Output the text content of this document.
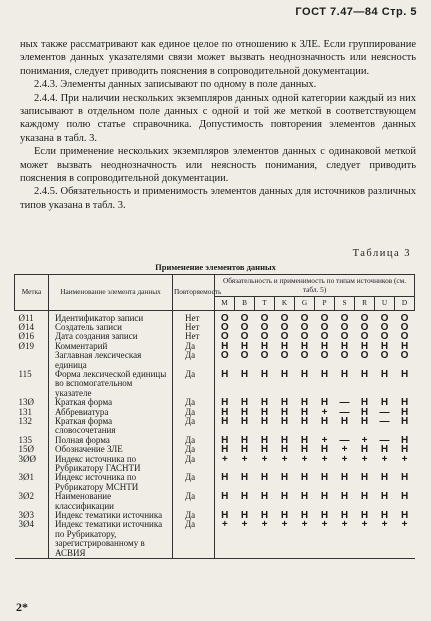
ГОСТ 7.47—84 Стр. 5

ных также рассматривают как единое целое по отношению к ЗЛЕ. Если группирование элементов данных указателями связи может вызвать неоднозначность или неясность понимания, следует приводить пояснения в сопроводительной документации.

2.4.3. Элементы данных записывают по одному в поле данных.

2.4.4. При наличии нескольких экземпляров данных одной категории каждый из них записывают в отдельном поле данных с одной и той же меткой в соответствующем каждому полю статье справочника. Допустимость повторения элементов данных указана в табл. 3.

Если применение нескольких экземпляров элементов данных с одинаковой меткой может вызвать неоднозначность или неясность понимания, следует приводить пояснения в сопроводительной документации.

2.4.5. Обязательность и применимость элементов данных для источников различных типов указана в табл. 3.

Таблица 3
Применение элементов данных
Метка	Наименование элемента данных	Повторяемость	Обязательность и применимость по типам источников (см. табл. 5)									
			M	B	T	K	G	P	S	R	U	D
Ø11	Идентификатор записи	Нет	О	О	О	О	О	О	О	О	О	О
Ø14	Создатель записи	Нет	О	О	О	О	О	О	О	О	О	О
Ø16	Дата создания записи	Нет	О	О	О	О	О	О	О	О	О	О
Ø19	Комментарий	Да	Н	Н	Н	Н	Н	Н	Н	Н	Н	Н
	Заглавная лексическая единица	Да	О	О	О	О	О	О	О	О	О	О
115	Форма лексической единицы во вспомогательном указателе	Да	Н	Н	Н	Н	Н	Н	Н	Н	Н	Н
13Ø	Краткая форма	Да	Н	Н	Н	Н	Н	Н	—	Н	Н	Н
131	Аббревиатура	Да	Н	Н	Н	Н	Н	+	—	Н	—	Н
132	Краткая форма словосочетания	Да	Н	Н	Н	Н	Н	Н	Н	Н	—	Н
135	Полная форма	Да	Н	Н	Н	Н	Н	+	—	+	—	Н
15Ø	Обозначение ЗЛЕ	Да	Н	Н	Н	Н	Н	Н	+	Н	Н	Н
3ØØ	Индекс источника по Рубрикатору ГАСНТИ	Да	+	+	+	+	+	+	+	+	+	+
3Ø1	Индекс источника по Рубрикатору МСНТИ	Да	Н	Н	Н	Н	Н	Н	Н	Н	Н	Н
3Ø2	Наименование классификации	Да	Н	Н	Н	Н	Н	Н	Н	Н	Н	Н
3Ø3	Индекс тематики источника	Да	Н	Н	Н	Н	Н	Н	Н	Н	Н	Н
3Ø4	Индекс тематики источника по Рубрикатору, зарегистрированному в АСВИЯ	Да	+	+	+	+	+	+	+	+	+	+
2*
